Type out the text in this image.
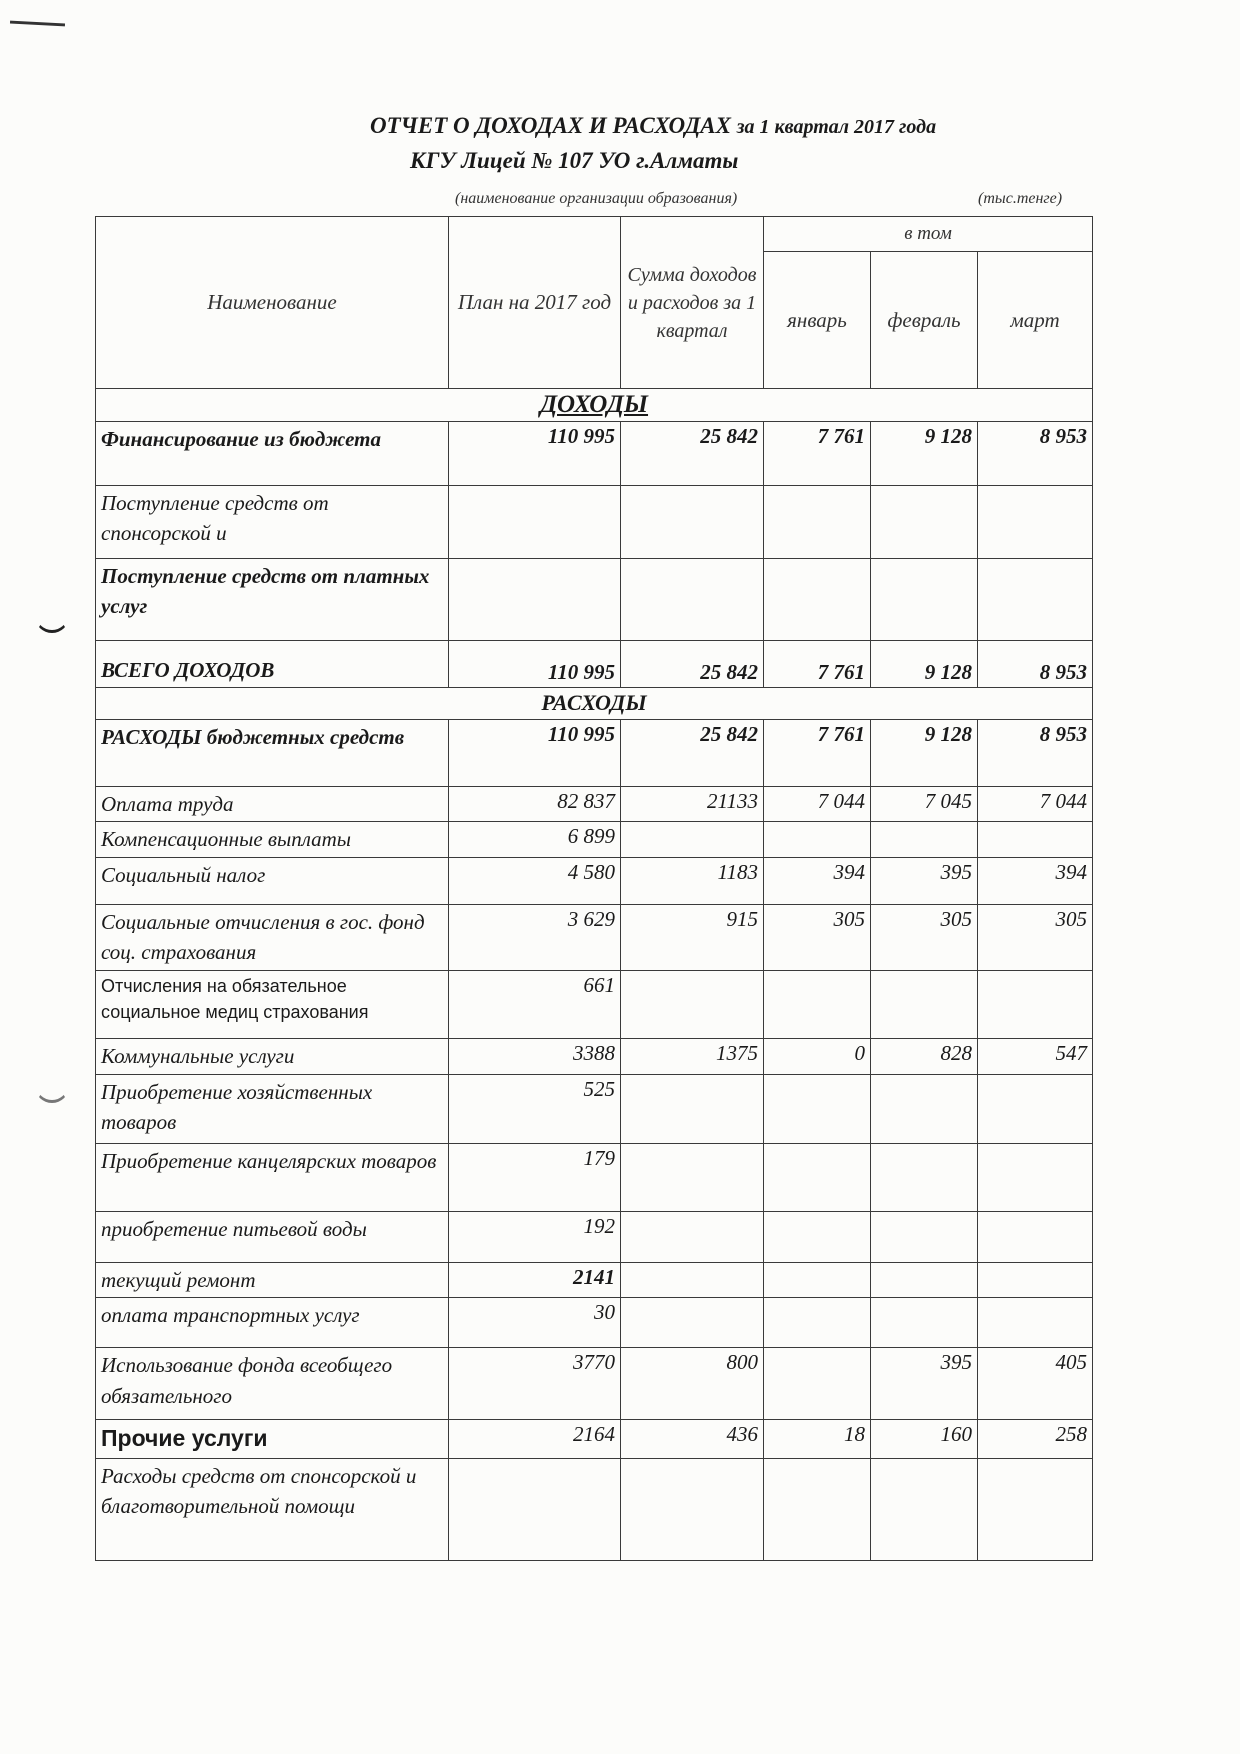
ОТЧЕТ О ДОХОДАХ И РАСХОДАХ за 1 квартал 2017 года
КГУ Лицей № 107 УО г.Алматы
(наименование организации образования)	(тыс.тенге)
Наименование	План на 2017 год	Сумма доходов и расходов за 1 квартал	в том		
			январь	февраль	март
ДОХОДЫ					
Финансирование из бюджета	110 995	25 842	7 761	9 128	8 953
Поступление средств от спонсорской и					
Поступление средств от платных услуг					
ВСЕГО ДОХОДОВ	110 995	25 842	7 761	9 128	8 953
РАСХОДЫ					
РАСХОДЫ бюджетных средств	110 995	25 842	7 761	9 128	8 953
Оплата труда	82 837	21133	7 044	7 045	7 044
Компенсационные выплаты	6 899				
Социальный налог	4 580	1183	394	395	394
Социальные отчисления в гос. фонд соц. страхования	3 629	915	305	305	305
Отчисления на обязательное социальное медиц страхования	661				
Коммунальные услуги	3388	1375	0	828	547
Приобретение хозяйственных товаров	525				
Приобретение канцелярских товаров	179				
приобретение питьевой воды	192				
текущий ремонт	2141				
оплата транспортных услуг	30				
Использование фонда всеобщего обязательного	3770	800		395	405
Прочие услуги	2164	436	18	160	258
Расходы средств от спонсорской и благотворительной помощи					
